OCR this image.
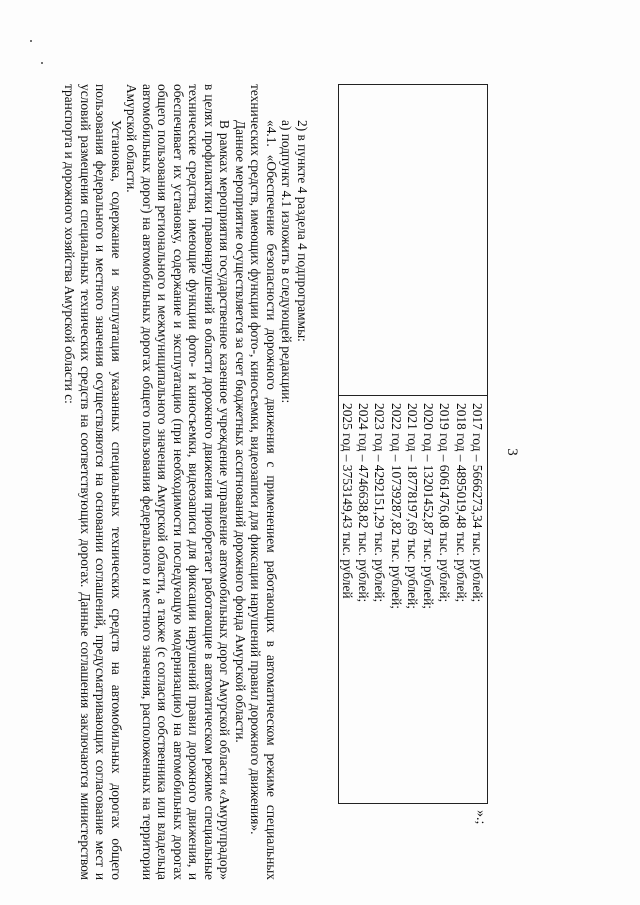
3
2017 год – 5666273,34 тыс. рублей;
2018 год – 4895019,48 тыс. рублей;
2019 год – 6061476,08 тыс. рублей;
2020 год – 13201452,87 тыс. рублей;
2021 год – 18778197,69 тыс. рублей;
2022 год – 10739287,82 тыс. рублей;
2023 год – 4292151,29 тыс. рублей;
2024 год – 4746638,82 тыс. рублей;
2025 год – 3753149,43 тыс. рублей
».;

2) в пункте 4 раздела 4 подпрограммы:

а) подпункт 4.1 изложить в следующей редакции:

«4.1. «Обеспечение безопасности дорожного движения с применением работающих в автоматическом режиме специальных технических средств, имеющих функции фото-, киносъемки, видеозаписи для фиксации нарушений правил дорожного движения».

Данное мероприятие осуществляется за счет бюджетных ассигнований дорожного фонда Амурской области.

В рамках мероприятия государственное казенное учреждение управление автомобильных дорог Амурской области «Амурупрадор» в целях профилактики правонарушений в области дорожного движения приобретает работающие в автоматическом режиме специальные технические средства, имеющие функции фото- и киносъемки, видеозаписи для фиксации нарушений правил дорожного движения, и обеспечивает их установку, содержание и эксплуатацию (при необходимости последующую модернизацию) на автомобильных дорогах общего пользования регионального и межмуниципального значения Амурской области, а также (с согласия собственника или владельца автомобильных дорог) на автомобильных дорогах общего пользования федерального и местного значения, расположенных на территории Амурской области.

Установка, содержание и эксплуатация указанных специальных технических средств на автомобильных дорогах общего пользования федерального и местного значения осуществляются на основании соглашений, предусматривающих согласование мест и условий размещения специальных технических средств на соответствующих дорогах. Данные соглашения заключаются министерством транспорта и дорожного хозяйства Амурской области с:
